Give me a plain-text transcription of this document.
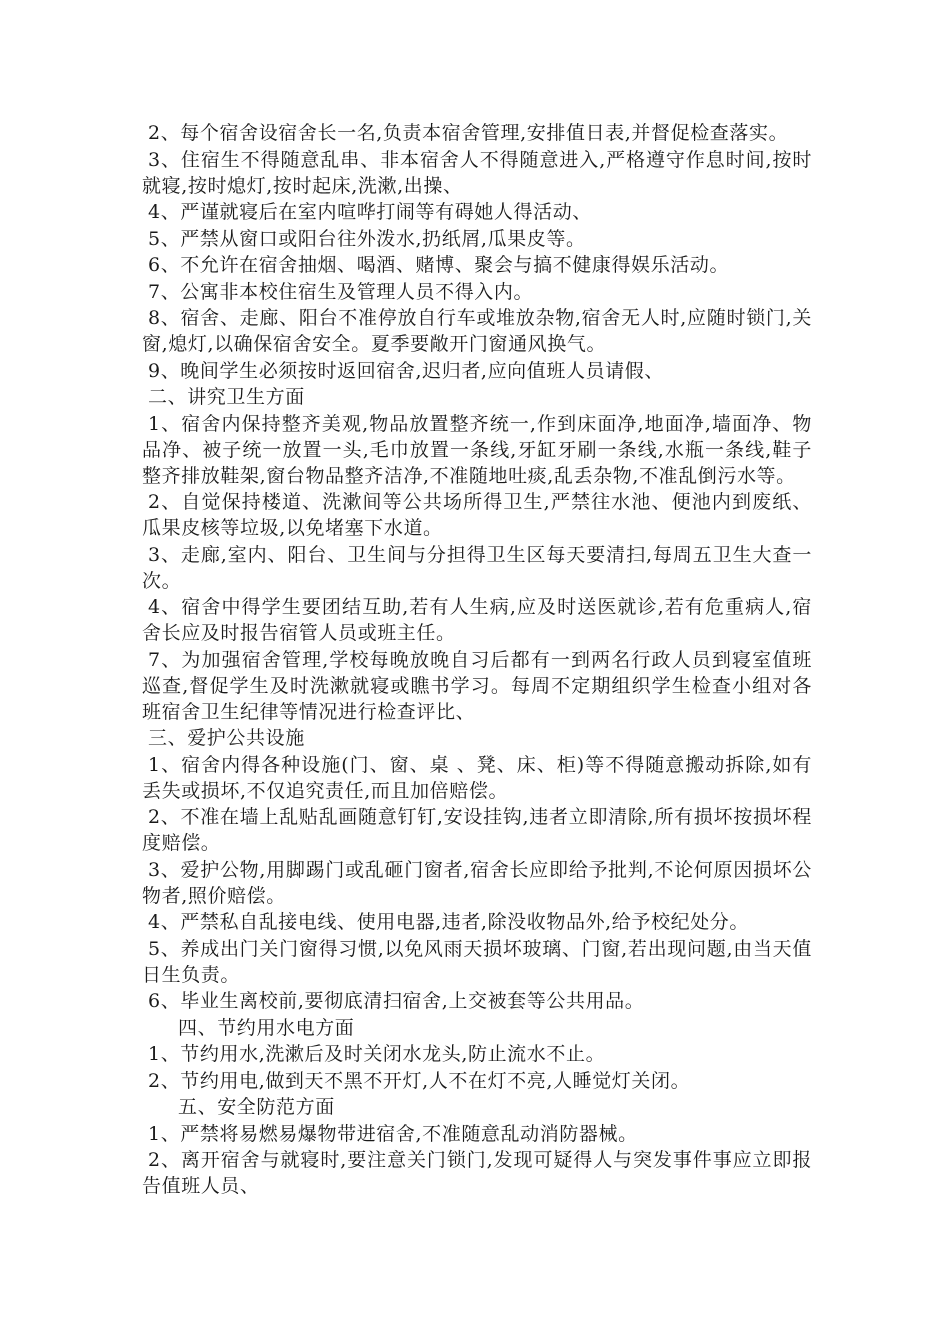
2、每个宿舍设宿舍长一名,负责本宿舍管理,安排值日表,并督促检查落实。

3、住宿生不得随意乱串、非本宿舍人不得随意进入,严格遵守作息时间,按时就寝,按时熄灯,按时起床,洗漱,出操、

4、严谨就寝后在室内喧哗打闹等有碍她人得活动、

5、严禁从窗口或阳台往外泼水,扔纸屑,瓜果皮等。

6、不允许在宿舍抽烟、喝酒、赌博、聚会与搞不健康得娱乐活动。

7、公寓非本校住宿生及管理人员不得入内。

8、宿舍、走廊、阳台不准停放自行车或堆放杂物,宿舍无人时,应随时锁门,关窗,熄灯,以确保宿舍安全。夏季要敞开门窗通风换气。

9、晚间学生必须按时返回宿舍,迟归者,应向值班人员请假、

二、讲究卫生方面

1、宿舍内保持整齐美观,物品放置整齐统一,作到床面净,地面净,墙面净、物品净、被子统一放置一头,毛巾放置一条线,牙缸牙刷一条线,水瓶一条线,鞋子整齐排放鞋架,窗台物品整齐洁净,不准随地吐痰,乱丢杂物,不准乱倒污水等。

2、自觉保持楼道、洗漱间等公共场所得卫生,严禁往水池、便池内到废纸、瓜果皮核等垃圾,以免堵塞下水道。

3、走廊,室内、阳台、卫生间与分担得卫生区每天要清扫,每周五卫生大查一次。

4、宿舍中得学生要团结互助,若有人生病,应及时送医就诊,若有危重病人,宿舍长应及时报告宿管人员或班主任。

7、为加强宿舍管理,学校每晚放晚自习后都有一到两名行政人员到寝室值班巡查,督促学生及时洗漱就寝或瞧书学习。每周不定期组织学生检查小组对各班宿舍卫生纪律等情况进行检查评比、

三、爱护公共设施

1、宿舍内得各种设施(门、窗、桌 、凳、床、柜)等不得随意搬动拆除,如有丢失或损坏,不仅追究责任,而且加倍赔偿。

2、不准在墙上乱贴乱画随意钉钉,安设挂钩,违者立即清除,所有损坏按损坏程度赔偿。

3、爱护公物,用脚踢门或乱砸门窗者,宿舍长应即给予批判,不论何原因损坏公物者,照价赔偿。

4、严禁私自乱接电线、使用电器,违者,除没收物品外,给予校纪处分。

5、养成出门关门窗得习惯,以免风雨天损坏玻璃、门窗,若出现问题,由当天值日生负责。

6、毕业生离校前,要彻底清扫宿舍,上交被套等公共用品。

四、节约用水电方面

1、节约用水,洗漱后及时关闭水龙头,防止流水不止。

2、节约用电,做到天不黑不开灯,人不在灯不亮,人睡觉灯关闭。

五、安全防范方面

1、严禁将易燃易爆物带进宿舍,不准随意乱动消防器械。

2、离开宿舍与就寝时,要注意关门锁门,发现可疑得人与突发事件事应立即报告值班人员、
